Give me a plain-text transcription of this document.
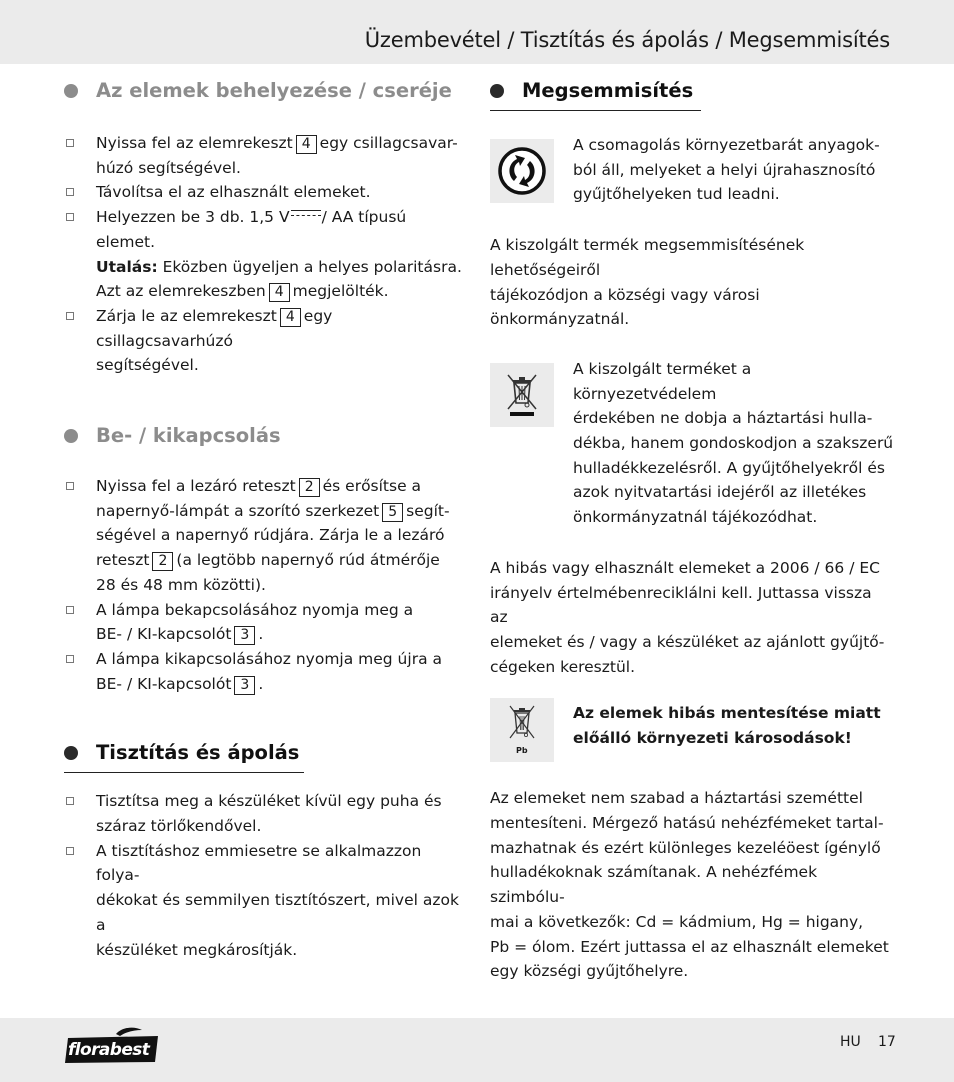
Üzembevétel / Tisztítás és ápolás / Megsemmisítés
Az elemek behelyezése / cseréje
Nyissa fel az elemrekeszt 4 egy csillagcsavar-
húzó segítségével.
Távolítsa el az elhasznált elemeket.
Helyezzen be 3 db. 1,5 V / AA típusú elemet.
Utalás: Eközben ügyeljen a helyes polaritásra.
Azt az elemrekeszben 4 megjelölték.
Zárja le az elemrekeszt 4 egy csillagcsavarhúzó
segítségével.
Be- / kikapcsolás
Nyissa fel a lezáró reteszt 2 és erősítse a
napernyő-lámpát a szorító szerkezet 5 segít-
ségével a napernyő rúdjára. Zárja le a lezáró
reteszt 2 (a legtöbb napernyő rúd átmérője
28 és 48 mm közötti).
A lámpa bekapcsolásához nyomja meg a
BE- / KI-kapcsolót 3 .
A lámpa kikapcsolásához nyomja meg újra a
BE- / KI-kapcsolót 3 .
Tisztítás és ápolás
Tisztítsa meg a készüléket kívül egy puha és
száraz törlőkendővel.
A tisztításhoz emmiesetre se alkalmazzon folya-
dékokat és semmilyen tisztítószert, mivel azok a
készüléket megkárosítják.
Megsemmisítés
A csomagolás környezetbarát anyagok-
ból áll, melyeket a helyi újrahasznosító
gyűjtőhelyeken tud leadni.

A kiszolgált termék megsemmisítésének lehetőségeiről
tájékozódjon a községi vagy városi önkormányzatnál.

A kiszolgált terméket a környezetvédelem
érdekében ne dobja a háztartási hulla-
dékba, hanem gondoskodjon a szakszerű
hulladékkezelésről. A gyűjtőhelyekről és
azok nyitvatartási idejéről az illetékes
önkormányzatnál tájékozódhat.

A hibás vagy elhasznált elemeket a 2006 / 66 / EC
irányelv értelmébenreciklálni kell. Juttassa vissza az
elemeket és / vagy a készüléket az ajánlott gyűjtő-
cégeken keresztül.

Pb
Az elemek hibás mentesítése miatt
előálló környezeti károsodások!

Az elemeket nem szabad a háztartási szeméttel
mentesíteni. Mérgező hatású nehézfémeket tartal-
mazhatnak és ezért különleges kezeléöest ígénylő
hulladékoknak számítanak. A nehézfémek szimbólu-
mai a következők: Cd = kádmium, Hg = higany,
Pb = ólom. Ezért juttassa el az elhasznált elemeket
egy községi gyűjtőhelyre.

florabest	HU 17
